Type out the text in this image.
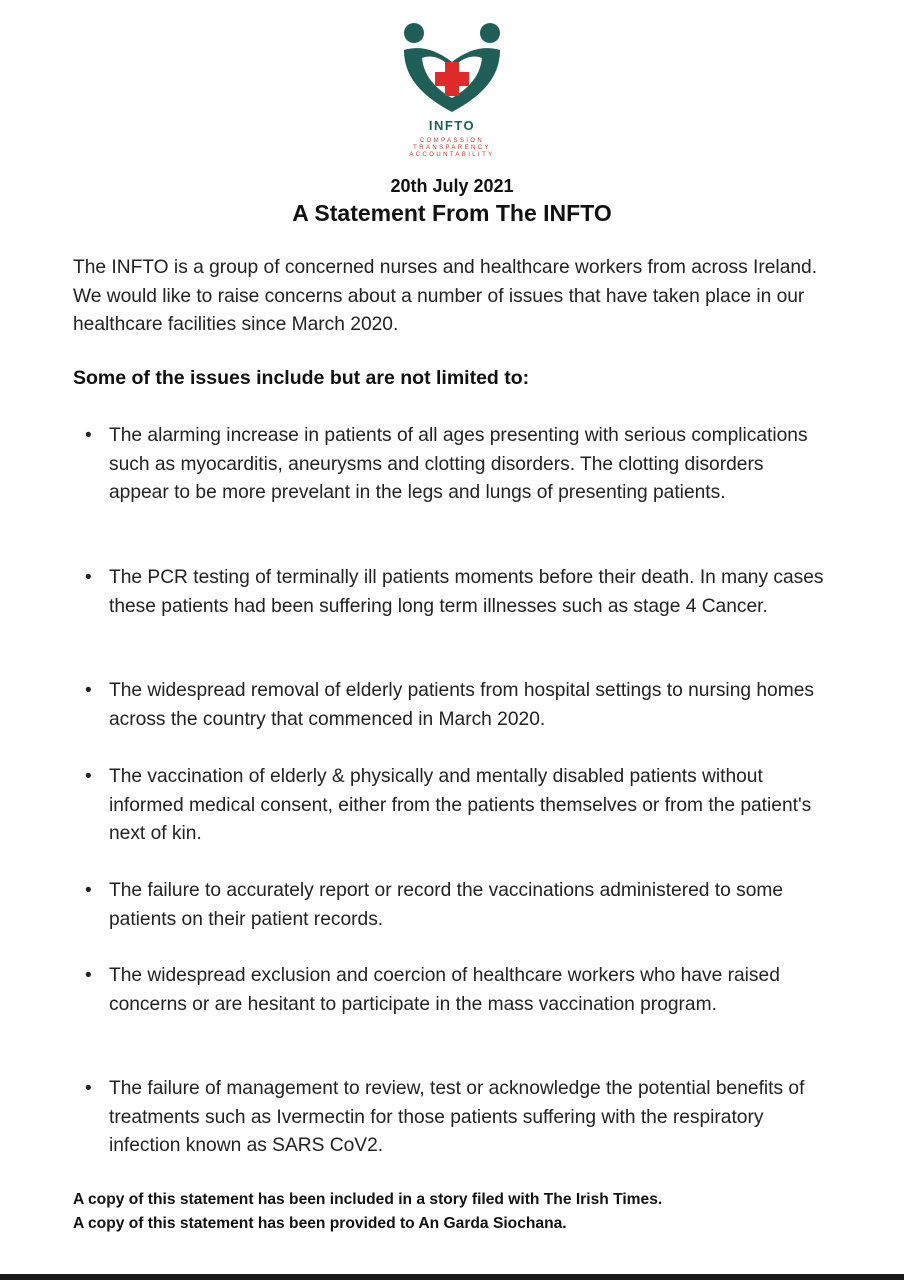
INFTO
COMPASSION
TRANSPARENCY
ACCOUNTABILITY
20th July 2021
A Statement From The INFTO
The INFTO is a group of concerned nurses and healthcare workers from across Ireland. We would like to raise concerns about a number of issues that have taken place in our healthcare facilities since March 2020.
Some of the issues include but are not limited to:
• The alarming increase in patients of all ages presenting with serious complications such as myocarditis, aneurysms and clotting disorders. The clotting disorders appear to be more prevelant in the legs and lungs of presenting patients.
• The PCR testing of terminally ill patients moments before their death. In many cases these patients had been suffering long term illnesses such as stage 4 Cancer.
• The widespread removal of elderly patients from hospital settings to nursing homes across the country that commenced in March 2020.
• The vaccination of elderly & physically and mentally disabled patients without informed medical consent, either from the patients themselves or from the patient's next of kin.
• The failure to accurately report or record the vaccinations administered to some patients on their patient records.
• The widespread exclusion and coercion of healthcare workers who have raised concerns or are hesitant to participate in the mass vaccination program.
• The failure of management to review, test or acknowledge the potential benefits of treatments such as Ivermectin for those patients suffering with the respiratory infection known as SARS CoV2.
A copy of this statement has been included in a story filed with The Irish Times.
A copy of this statement has been provided to An Garda Siochana.
